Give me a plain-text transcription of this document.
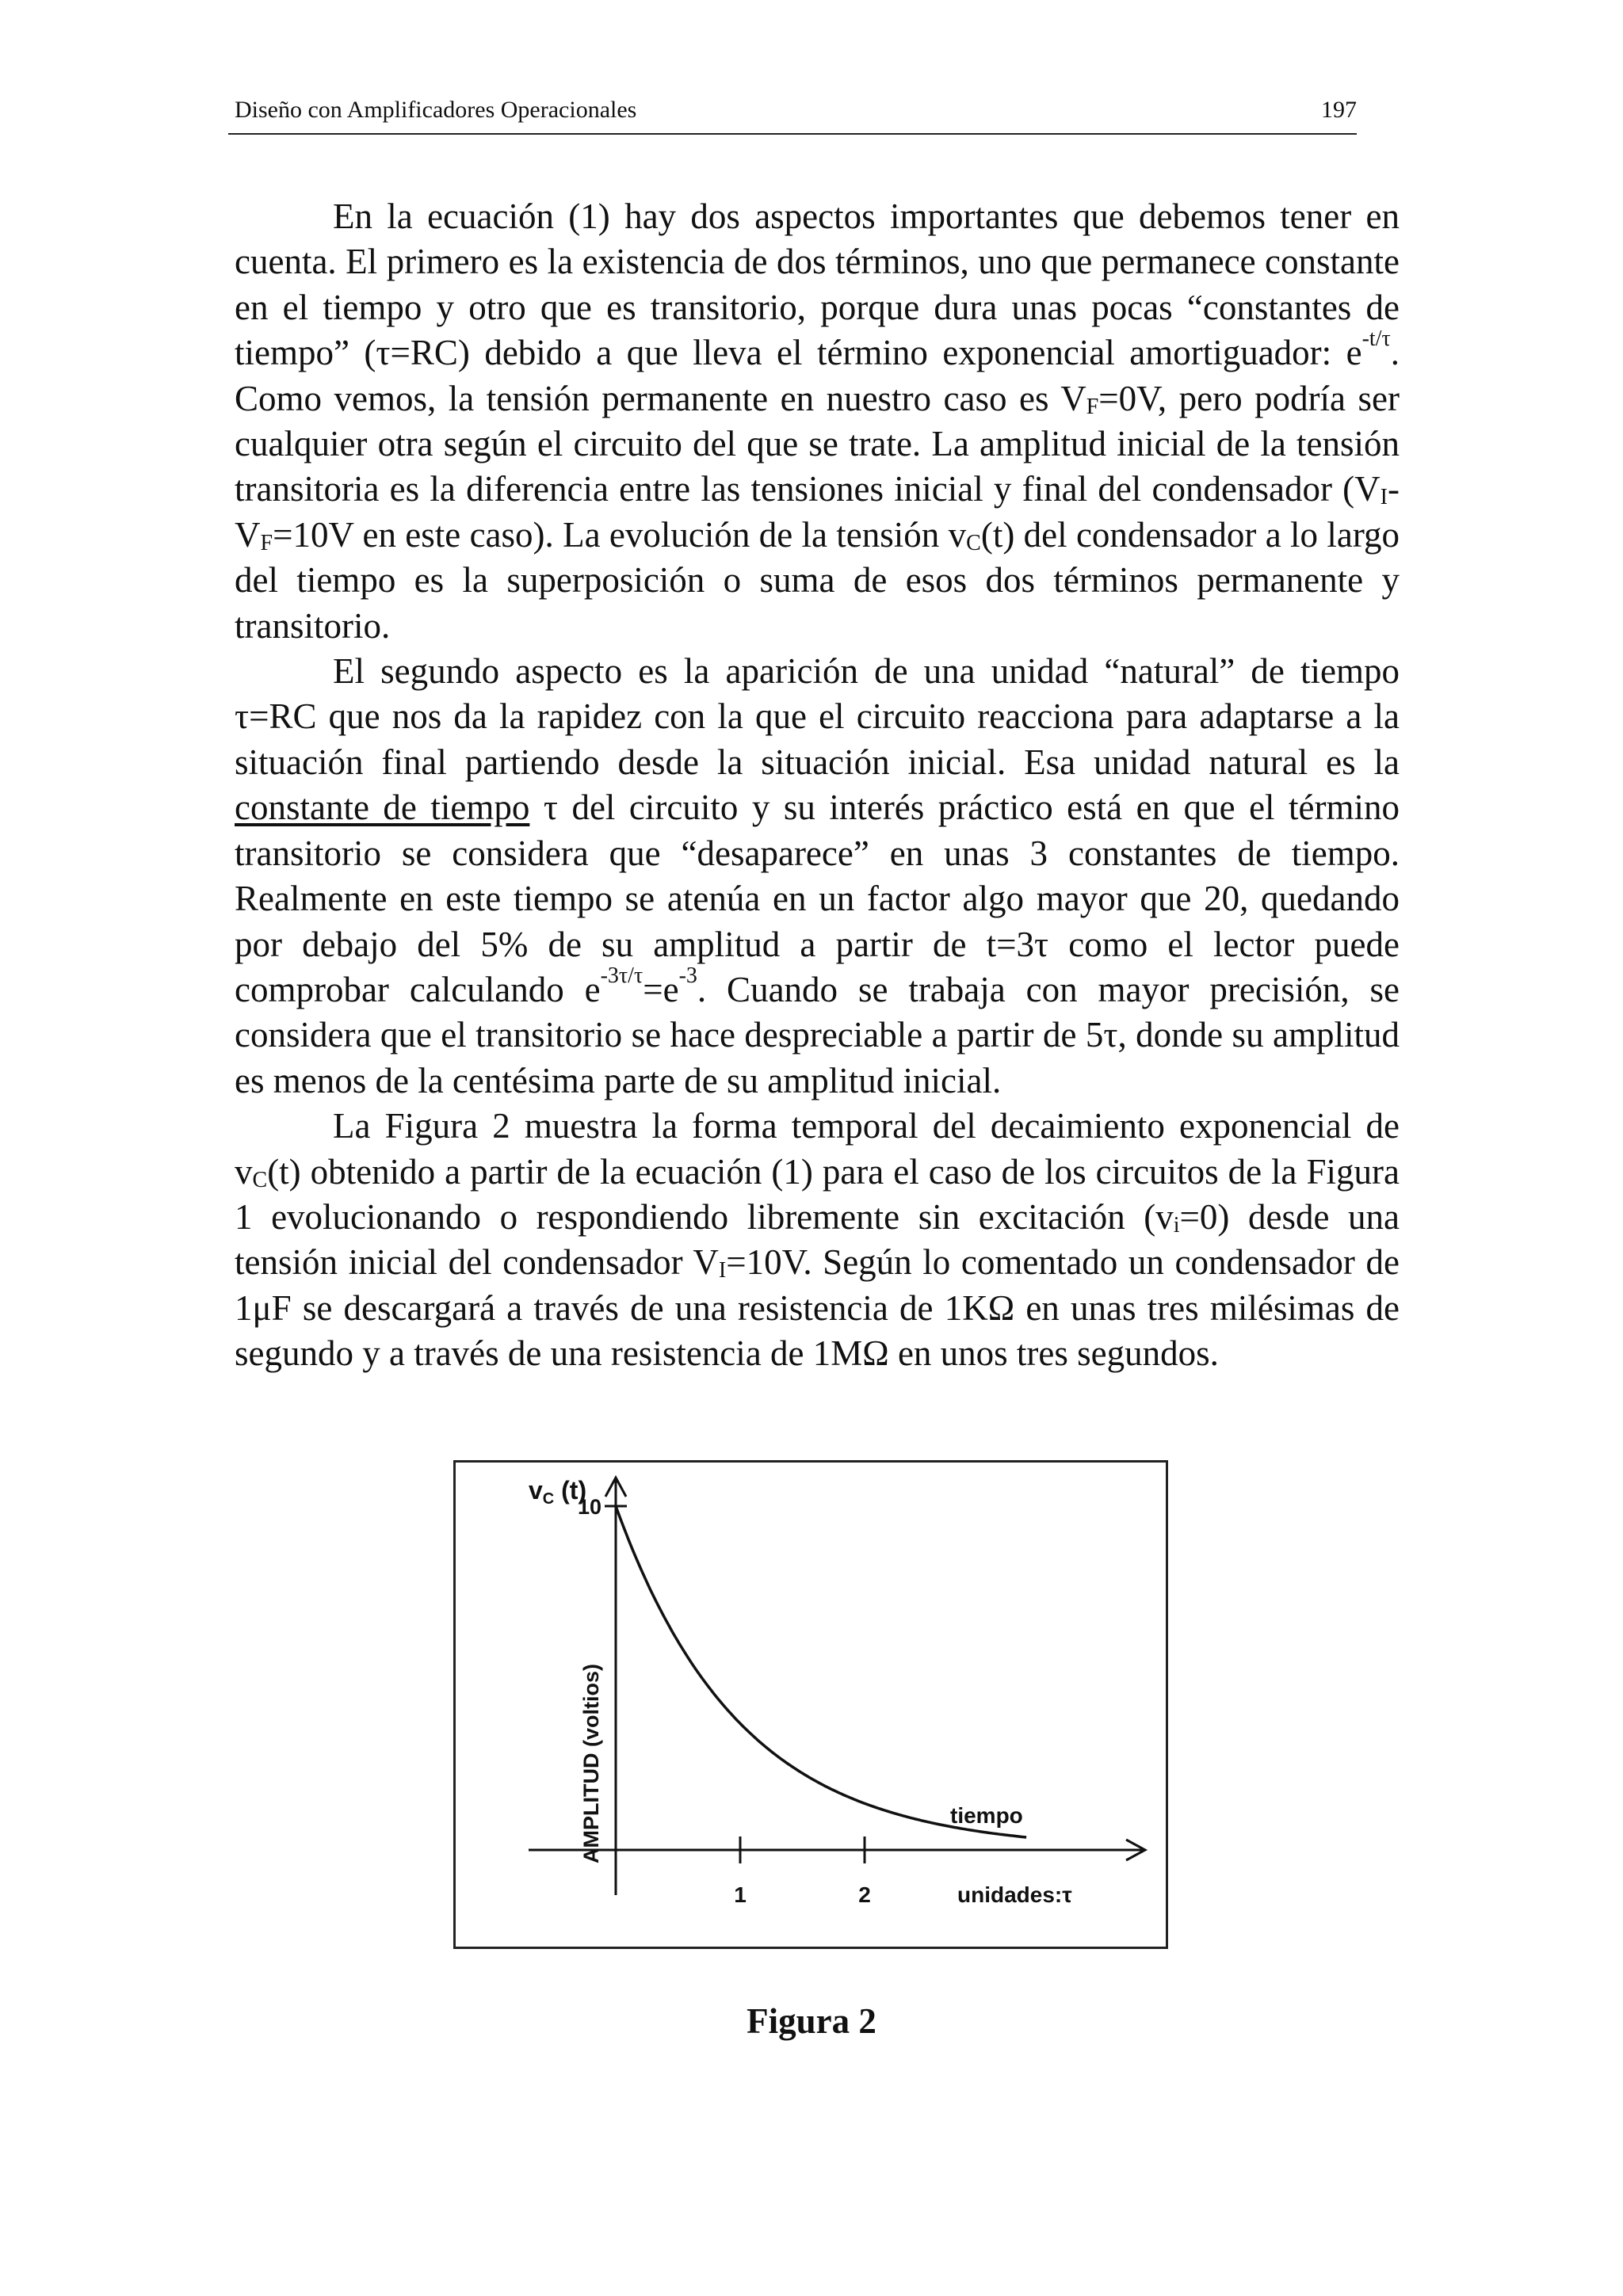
Diseño con Amplificadores Operacionales	197

En la ecuación (1) hay dos aspectos importantes que debemos tener en cuenta. El primero es la existencia de dos términos, uno que permanece constante en el tiempo y otro que es transitorio, porque dura unas pocas “constantes de tiempo” (τ=RC) debido a que lleva el término exponencial amortiguador: $e^{-t/\tau}$. Como vemos, la tensión permanente en nuestro caso es $V_F=0V$, pero podría ser cualquier otra según el circuito del que se trate. La amplitud inicial de la tensión transitoria es la diferencia entre las tensiones inicial y final del condensador ($V_I-V_F=10V$ en este caso). La evolución de la tensión $v_C(t)$ del condensador a lo largo del tiempo es la superposición o suma de esos dos términos permanente y transitorio.

El segundo aspecto es la aparición de una unidad “natural” de tiempo τ=RC que nos da la rapidez con la que el circuito reacciona para adaptarse a la situación final partiendo desde la situación inicial. Esa unidad natural es la constante de tiempo τ del circuito y su interés práctico está en que el término transitorio se considera que “desaparece” en unas 3 constantes de tiempo. Realmente en este tiempo se atenúa en un factor algo mayor que 20, quedando por debajo del 5% de su amplitud a partir de t=3τ como el lector puede comprobar calculando $e^{-3\tau/\tau}=e^{-3}$. Cuando se trabaja con mayor precisión, se considera que el transitorio se hace despreciable a partir de 5τ, donde su amplitud es menos de la centésima parte de su amplitud inicial.

La Figura 2 muestra la forma temporal del decaimiento exponencial de $v_C(t)$ obtenido a partir de la ecuación (1) para el caso de los circuitos de la Figura 1 evolucionando o respondiendo libremente sin excitación $(v_i=0)$ desde una tensión inicial del condensador $V_I=10V$. Según lo comentado un condensador de 1μF se descargará a través de una resistencia de 1KΩ en unas tres milésimas de segundo y a través de una resistencia de 1MΩ en unos tres segundos.

vC (t)
AMPLITUD (voltios)	tiempo
unidades:τ
10
1	2
Figura 2
